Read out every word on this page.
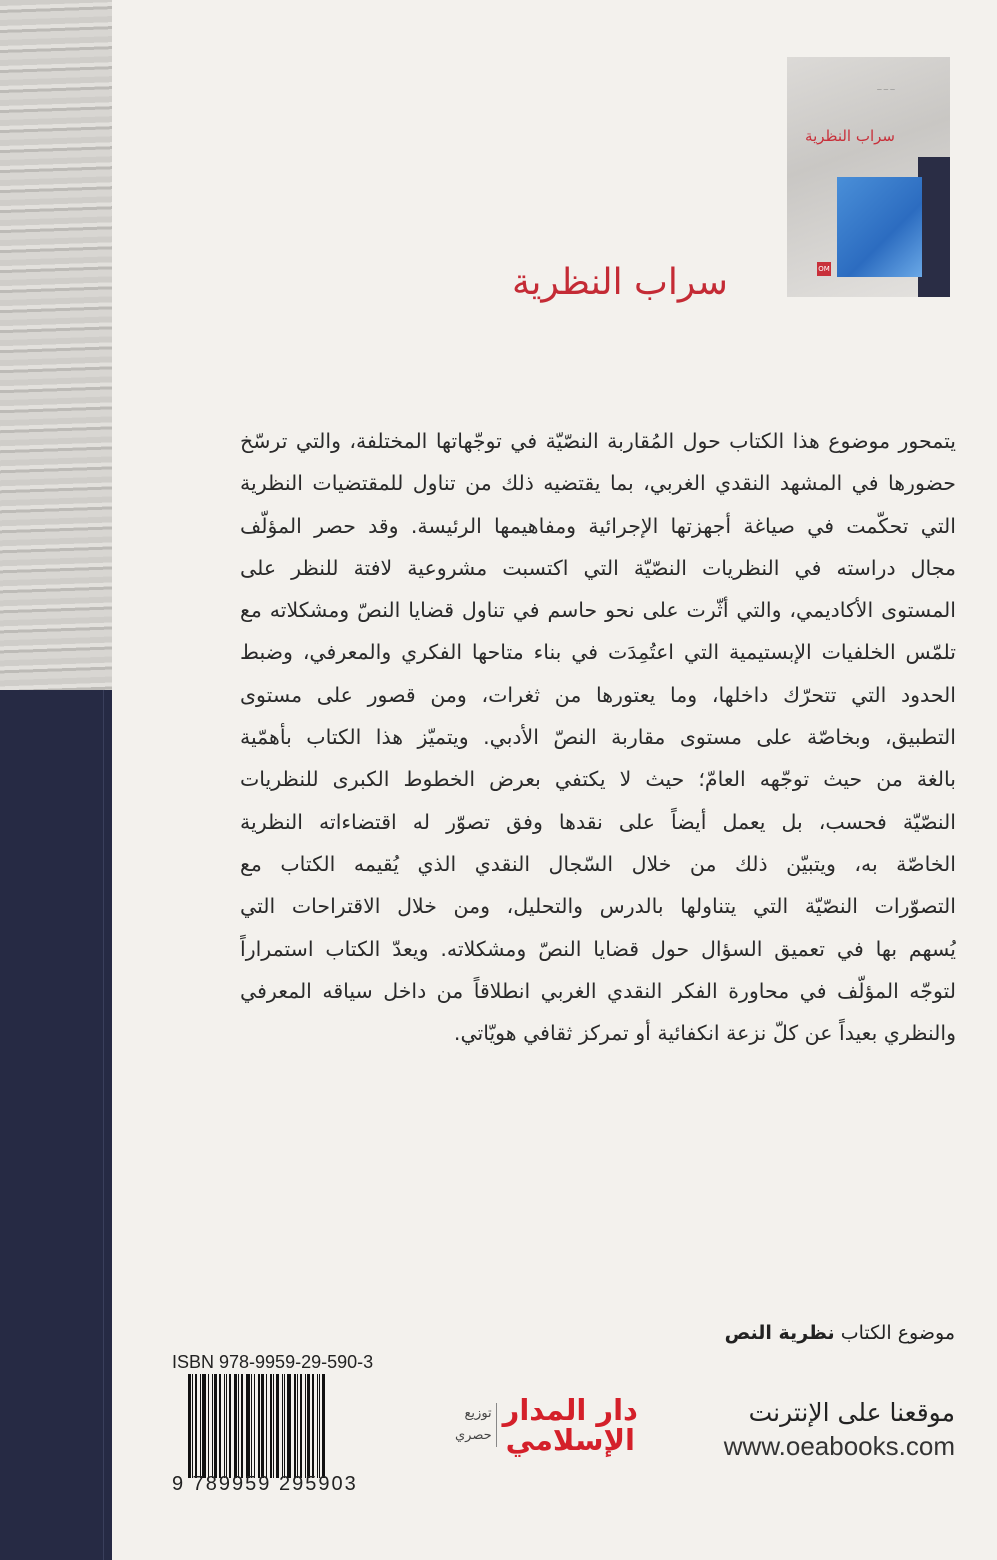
— — —
سراب النظرية
OM
سراب النظرية
يتمحور موضوع هذا الكتاب حول المُقاربة النصّيّة في توجّهاتها المختلفة، والتي ترسّخ
حضورها في المشهد النقدي الغربي، بما يقتضيه ذلك من تناول للمقتضيات النظرية
التي تحكّمت في صياغة أجهزتها الإجرائية ومفاهيمها الرئيسة. وقد حصر المؤلّف
مجال دراسته في النظريات النصّيّة التي اكتسبت مشروعية لافتة للنظر على
المستوى الأكاديمي، والتي أثّرت على نحو حاسم في تناول قضايا النصّ ومشكلاته مع
تلمّس الخلفيات الإبستيمية التي اعتُمِدَت في بناء متاحها الفكري والمعرفي، وضبط
الحدود التي تتحرّك داخلها، وما يعتورها من ثغرات، ومن قصور على مستوى
التطبيق، وبخاصّة على مستوى مقاربة النصّ الأدبي. ويتميّز هذا الكتاب بأهمّية
بالغة من حيث توجّهه العامّ؛ حيث لا يكتفي بعرض الخطوط الكبرى للنظريات
النصّيّة فحسب، بل يعمل أيضاً على نقدها وفق تصوّر له اقتضاءاته النظرية
الخاصّة به، ويتبيّن ذلك من خلال السّجال النقدي الذي يُقيمه الكتاب مع
التصوّرات النصّيّة التي يتناولها بالدرس والتحليل، ومن خلال الاقتراحات التي
يُسهم بها في تعميق السؤال حول قضايا النصّ ومشكلاته. ويعدّ الكتاب استمراراً
لتوجّه المؤلّف في محاورة الفكر النقدي الغربي انطلاقاً من داخل سياقه المعرفي
والنظري بعيداً عن كلّ نزعة انكفائية أو تمركز ثقافي هويّاتي.
موضوع الكتاب نظرية النص
ISBN 978-9959-29-590-3
9 789959 295903
دار المدار
الإسلامي
توزيع
حصري
موقعنا على الإنترنت
www.oeabooks.com
